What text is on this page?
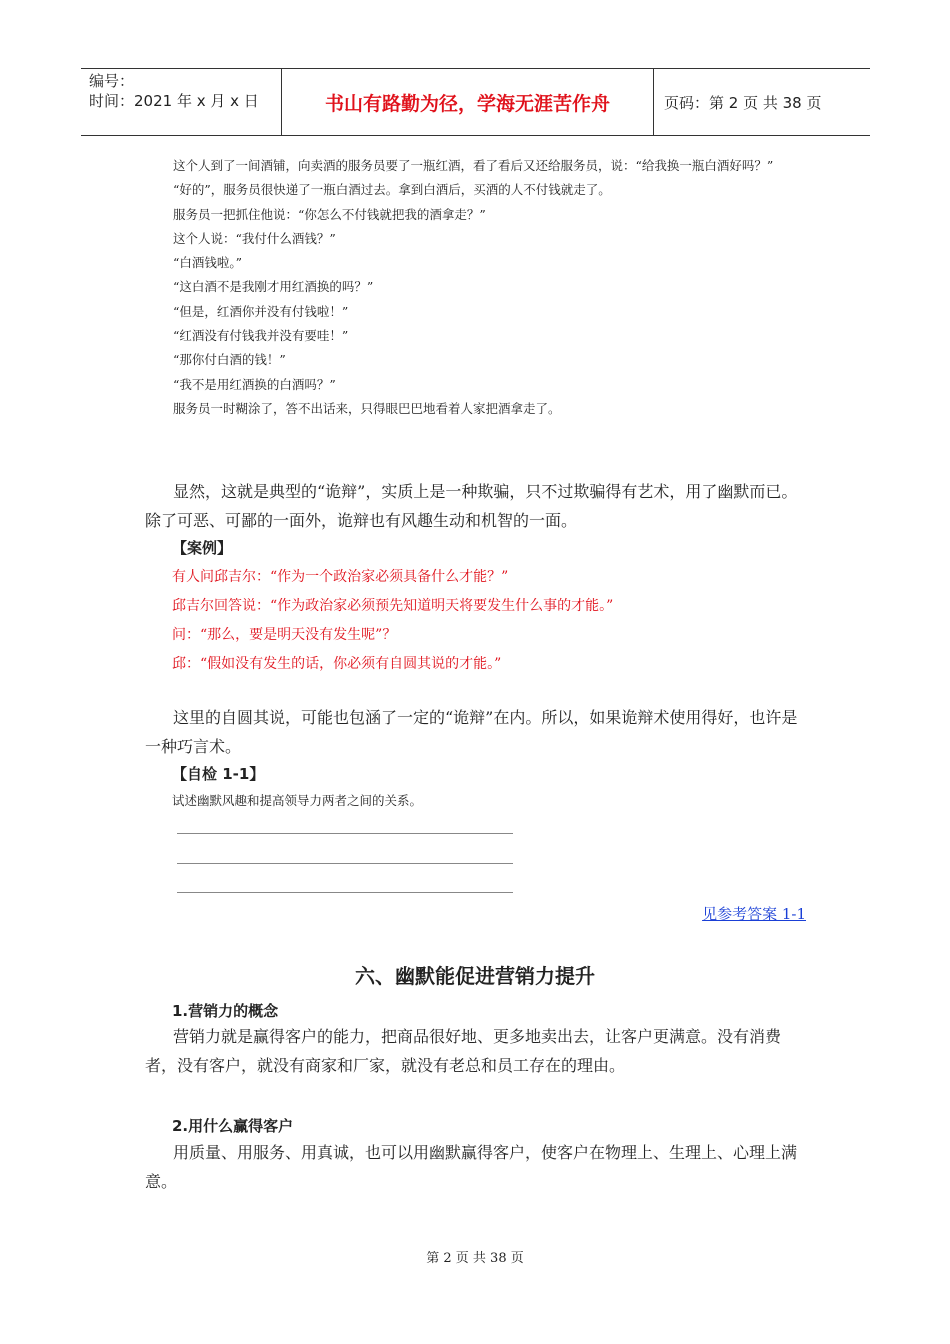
编号：
时间：2021 年 x 月 x 日	书山有路勤为径，学海无涯苦作舟	页码：第 2 页 共 38 页

这个人到了一间酒铺，向卖酒的服务员要了一瓶红酒，看了看后又还给服务员，说：“给我换一瓶白酒好吗？”

“好的”，服务员很快递了一瓶白酒过去。拿到白酒后，买酒的人不付钱就走了。

服务员一把抓住他说：“你怎么不付钱就把我的酒拿走？”

这个人说：“我付什么酒钱？”

“白酒钱啦。”

“这白酒不是我刚才用红酒换的吗？”

“但是，红酒你并没有付钱啦！”

“红酒没有付钱我并没有要哇！”

“那你付白酒的钱！”

“我不是用红酒换的白酒吗？”

服务员一时糊涂了，答不出话来，只得眼巴巴地看着人家把酒拿走了。

显然，这就是典型的“诡辩”，实质上是一种欺骗，只不过欺骗得有艺术，用了幽默而已。除了可恶、可鄙的一面外，诡辩也有风趣生动和机智的一面。

【案例】

有人问邱吉尔：“作为一个政治家必须具备什么才能？”

邱吉尔回答说：“作为政治家必须预先知道明天将要发生什么事的才能。”

问：“那么，要是明天没有发生呢”？

邱：“假如没有发生的话，你必须有自圆其说的才能。”

这里的自圆其说，可能也包涵了一定的“诡辩”在内。所以，如果诡辩术使用得好，也许是一种巧言术。

【自检 1-1】
试述幽默风趣和提高领导力两者之间的关系。
见参考答案 1-1
六、幽默能促进营销力提升
1.营销力的概念

营销力就是赢得客户的能力，把商品很好地、更多地卖出去，让客户更满意。没有消费者，没有客户，就没有商家和厂家，就没有老总和员工存在的理由。

2.用什么赢得客户

用质量、用服务、用真诚，也可以用幽默赢得客户，使客户在物理上、生理上、心理上满意。

第 2 页 共 38 页
